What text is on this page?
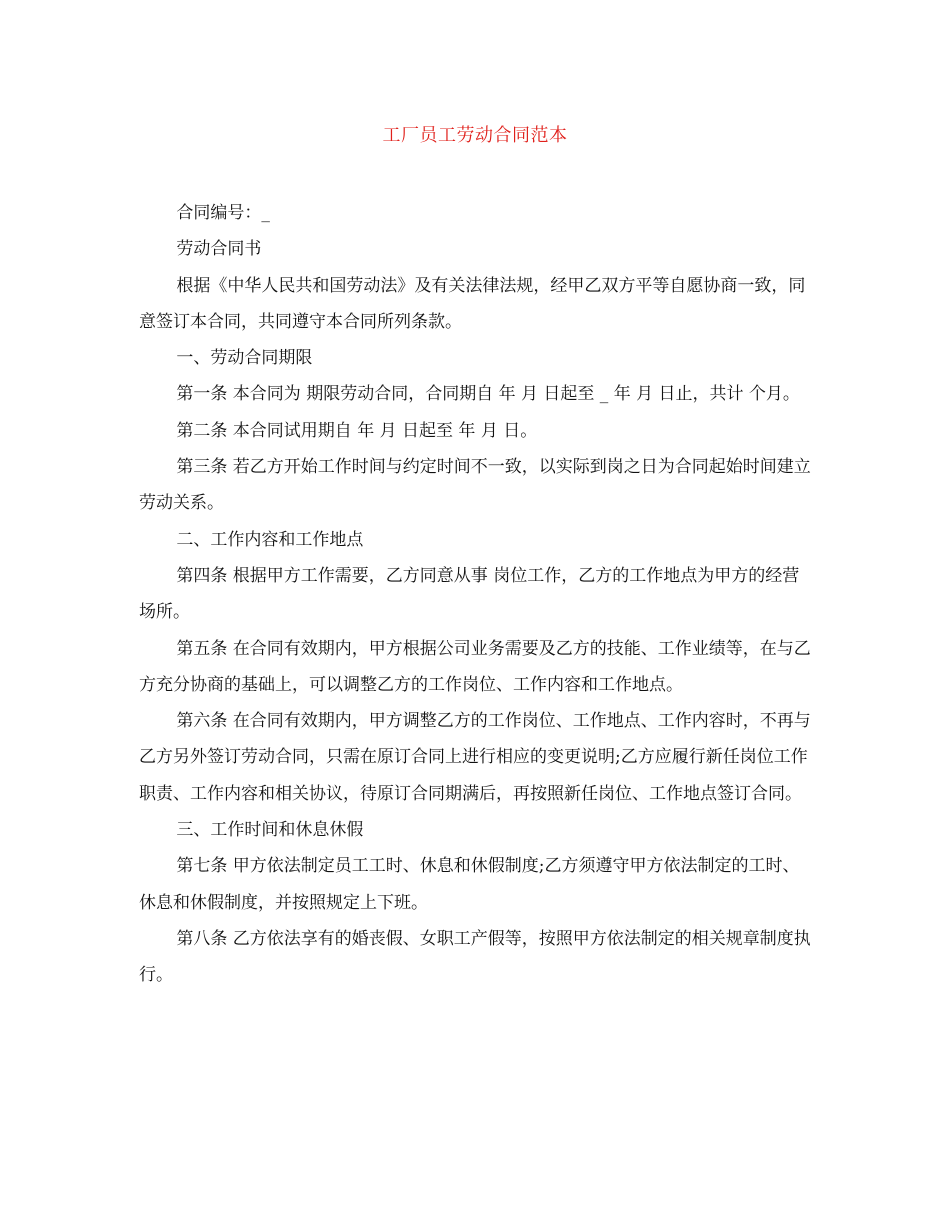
工厂员工劳动合同范本

合同编号：_

劳动合同书

根据《中华人民共和国劳动法》及有关法律法规，经甲乙双方平等自愿协商一致，同意签订本合同，共同遵守本合同所列条款。

一、劳动合同期限

第一条 本合同为 期限劳动合同，合同期自 年 月 日起至 _ 年 月 日止，共计 个月。

第二条 本合同试用期自 年 月 日起至 年 月 日。

第三条 若乙方开始工作时间与约定时间不一致，以实际到岗之日为合同起始时间建立劳动关系。

二、工作内容和工作地点

第四条 根据甲方工作需要，乙方同意从事 岗位工作，乙方的工作地点为甲方的经营场所。

第五条 在合同有效期内，甲方根据公司业务需要及乙方的技能、工作业绩等，在与乙方充分协商的基础上，可以调整乙方的工作岗位、工作内容和工作地点。

第六条 在合同有效期内，甲方调整乙方的工作岗位、工作地点、工作内容时，不再与乙方另外签订劳动合同，只需在原订合同上进行相应的变更说明;乙方应履行新任岗位工作职责、工作内容和相关协议，待原订合同期满后，再按照新任岗位、工作地点签订合同。

三、工作时间和休息休假

第七条 甲方依法制定员工工时、休息和休假制度;乙方须遵守甲方依法制定的工时、休息和休假制度，并按照规定上下班。

第八条 乙方依法享有的婚丧假、女职工产假等，按照甲方依法制定的相关规章制度执行。
